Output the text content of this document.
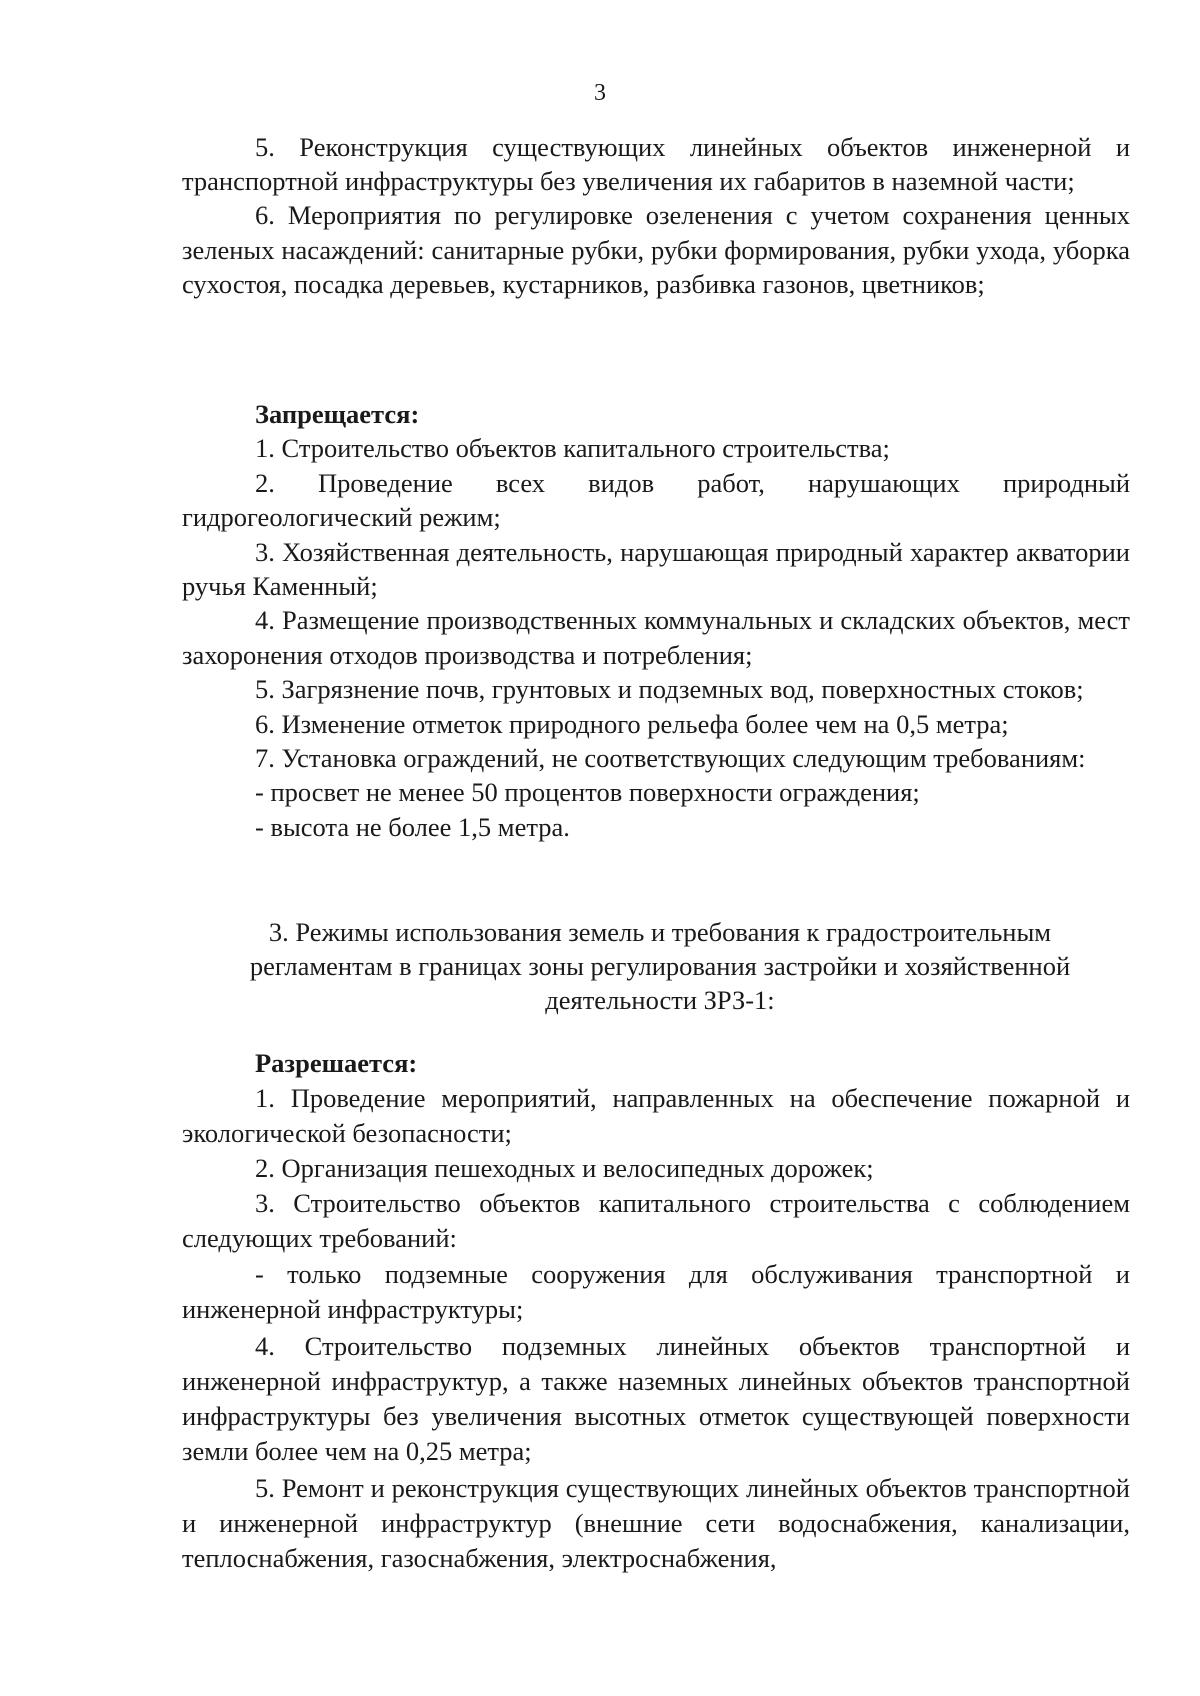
3

5. Реконструкция существующих линейных объектов инженерной и транспортной инфраструктуры без увеличения их габаритов в наземной части;

6. Мероприятия по регулировке озеленения с учетом сохранения ценных зеленых насаждений: санитарные рубки, рубки формирования, рубки ухода, уборка сухостоя, посадка деревьев, кустарников, разбивка газонов, цветников;

Запрещается:

1. Строительство объектов капитального строительства;

2. Проведение всех видов работ, нарушающих природный гидрогеологический режим;

3. Хозяйственная деятельность, нарушающая природный характер акватории ручья Каменный;

4. Размещение производственных коммунальных и складских объектов, мест захоронения отходов производства и потребления;

5. Загрязнение почв, грунтовых и подземных вод, поверхностных стоков;

6. Изменение отметок природного рельефа более чем на 0,5 метра;

7. Установка ограждений, не соответствующих следующим требованиям:

- просвет не менее 50 процентов поверхности ограждения;

- высота не более 1,5 метра.

3. Режимы использования земель и требования к градостроительным

регламентам в границах зоны регулирования застройки и хозяйственной

деятельности ЗРЗ-1:

Разрешается:

1. Проведение мероприятий, направленных на обеспечение пожарной и экологической безопасности;

2. Организация пешеходных и велосипедных дорожек;

3. Строительство объектов капитального строительства с соблюдением следующих требований:

- только подземные сооружения для обслуживания транспортной и инженерной инфраструктуры;

4. Строительство подземных линейных объектов транспортной и инженерной инфраструктур, а также наземных линейных объектов транспортной инфраструктуры без увеличения высотных отметок существующей поверхности земли более чем на 0,25 метра;

5. Ремонт и реконструкция существующих линейных объектов транспортной и инженерной инфраструктур (внешние сети водоснабжения, канализации, теплоснабжения, газоснабжения, электроснабжения,
